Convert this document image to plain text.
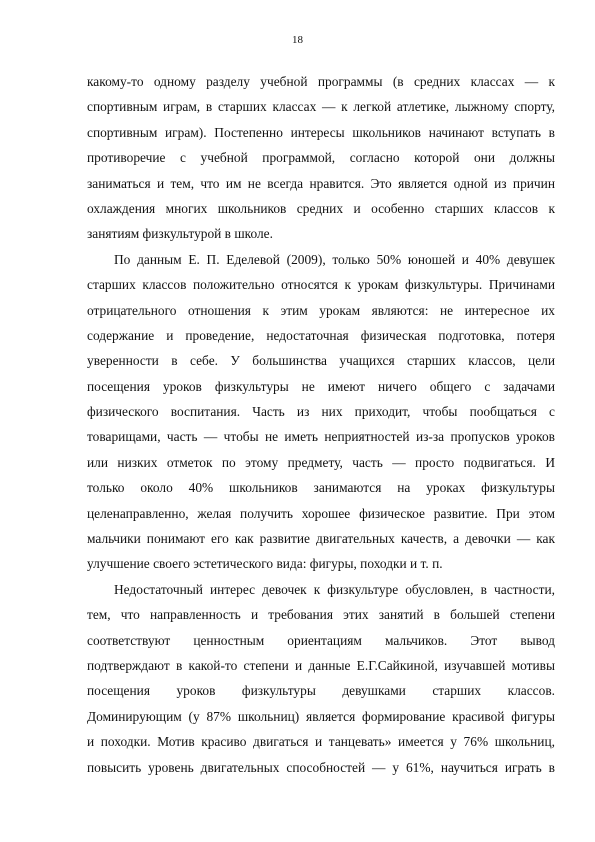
18
какому-то одному разделу учебной программы (в средних классах — к
спортивным играм, в старших классах — к легкой атлетике, лыжному спорту,
спортивным играм). Постепенно интересы школьников начинают вступать в
противоречие с учебной программой, согласно которой они должны
заниматься и тем, что им не всегда нравится. Это является одной из причин
охлаждения многих школьников средних и особенно старших классов к
занятиям физкультурой в школе.
По данным Е. П. Еделевой (2009), только 50% юношей и 40% девушек
старших классов положительно относятся к урокам физкультуры. Причинами
отрицательного отношения к этим урокам являются: не интересное их
содержание и проведение, недостаточная физическая подготовка, потеря
уверенности в себе. У большинства учащихся старших классов, цели
посещения уроков физкультуры не имеют ничего общего с задачами
физического воспитания. Часть из них приходит, чтобы пообщаться с
товарищами, часть — чтобы не иметь неприятностей из-за пропусков уроков
или низких отметок по этому предмету, часть — просто подвигаться. И
только около 40% школьников занимаются на уроках физкультуры
целенаправленно, желая получить хорошее физическое развитие. При этом
мальчики понимают его как развитие двигательных качеств, а девочки — как
улучшение своего эстетического вида: фигуры, походки и т. п.
Недостаточный интерес девочек к физкультуре обусловлен, в частности,
тем, что направленность и требования этих занятий в большей степени
соответствуют ценностным ориентациям мальчиков. Этот вывод
подтверждают в какой-то степени и данные Е.Г.Сайкиной, изучавшей мотивы
посещения уроков физкультуры девушками старших классов.
Доминирующим (у 87% школьниц) является формирование красивой фигуры
и походки. Мотив красиво двигаться и танцевать» имеется у 76% школьниц,
повысить уровень двигательных способностей — у 61%, научиться играть в
